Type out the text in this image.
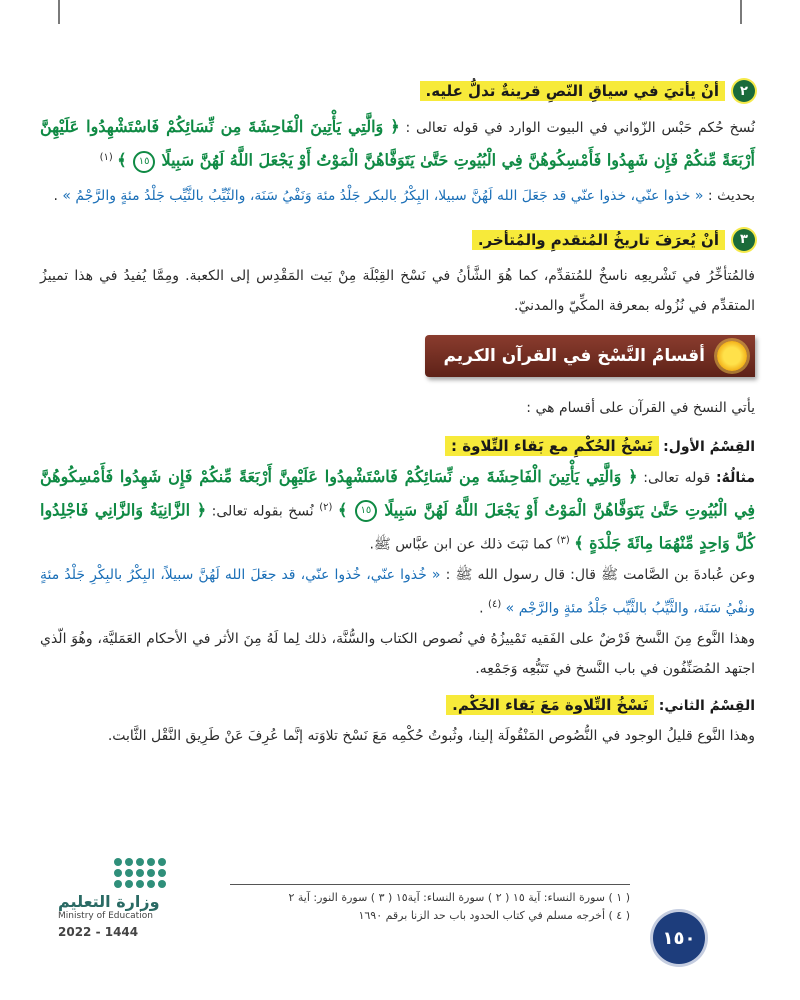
٢
أنْ يأتيَ في سياقِ النّصِ قرينةٌ تدلُّ عليه.

نُسخ حُكم حَبْس الزّواني في البيوت الوارد في قوله تعالى : ﴿ وَالَّتِي يَأْتِينَ الْفَاحِشَةَ مِن نِّسَائِكُمْ فَاسْتَشْهِدُوا عَلَيْهِنَّ أَرْبَعَةً مِّنكُمْ فَإِن شَهِدُوا فَأَمْسِكُوهُنَّ فِي الْبُيُوتِ حَتَّىٰ يَتَوَفَّاهُنَّ الْمَوْتُ أَوْ يَجْعَلَ اللَّهُ لَهُنَّ سَبِيلًا ١٥ ﴾ $^{(١)}$

بحديث : « خذوا عنّي، خذوا عنّي قد جَعَلَ الله لَهُنَّ سبيلا، البِكْرُ بالبكر جَلْدُ مئة وَنَفْيُ سَنَة، والثّيِّبُ بالثَّيِّب جَلْدُ مئةٍ والرَّجْمُ » .

٣
أنْ يُعرَفَ تاريخُ المُتقدمِ والمُتأخر.

فالمُتأخِّرُ في تَشْريعِه ناسخٌ للمُتقدِّم، كما هُوَ الشَّأنُ في نَسْخ القِبْلَة مِنْ بَيت المَقْدِس إلى الكعبة. ومِمَّا يُفيدُ في هذا تمييزُ المتقدِّم في نُزُوله بمعرفة المكِّيّ والمدنيّ.

أقسامُ النَّسْخ في القرآن الكريم

يأتي النسخ في القرآن على أقسام هي :

القِسْمُ الأول: نَسْخُ الحُكْمِ مع بَقاء التِّلاوة :

مثالُهُ: قوله تعالى: ﴿ وَالَّتِي يَأْتِينَ الْفَاحِشَةَ مِن نِّسَائِكُمْ فَاسْتَشْهِدُوا عَلَيْهِنَّ أَرْبَعَةً مِّنكُمْ فَإِن شَهِدُوا فَأَمْسِكُوهُنَّ فِي الْبُيُوتِ حَتَّىٰ يَتَوَفَّاهُنَّ الْمَوْتُ أَوْ يَجْعَلَ اللَّهُ لَهُنَّ سَبِيلًا ١٥ ﴾ $^{(٢)}$ نُسخ بقوله تعالى: ﴿ الزَّانِيَةُ وَالزَّانِي فَاجْلِدُوا كُلَّ وَاحِدٍ مِّنْهُمَا مِائَةَ جَلْدَةٍ ﴾ $^{(٣)}$ كما ثبَتَ ذلك عن ابن عبَّاس ﷺ.

وعن عُبادةَ بن الصَّامت ﷺ قال: قال رسول الله ﷺ : « خُذوا عنّي، خُذوا عنّي، قد جعَلَ الله لَهُنَّ سبيلاً، البِكْرُ بالبِكْرِ جَلْدُ مئةٍ ونفْيُ سَنَة، والثَّيِّبُ بالثَّيِّب جَلْدُ مئةٍ والرَّجْم » $^{(٤)}$ .

وهذا النَّوع مِنَ النَّسخ فَرْضٌ على الفَقيه تَمْييزُهُ في نُصوص الكتاب والسُّنَّة، ذلك لِما لَهُ مِنَ الأثر في الأحكام العَمَليَّة، وهُوَ الّذي اجتهد المُصَنِّفُون في باب النَّسخ في تَتَبُّعِه وَجَمْعِه.

القِسْمُ الثاني: نَسْخُ التِّلاوة مَعَ بَقاء الحُكْم.

وهذا النَّوع قليلُ الوجود في النُّصُوص المَنْقُولَة إلينا، وثُبوتُ حُكْمِه مَعَ نَسْخ تلاوَته إنَّما عُرِفَ عَنْ طَرِيق النَّقْل الثَّابت.

( ١ ) سورة النساء: آية ١٥ ( ٢ ) سورة النساء: آية١٥ ( ٣ ) سورة النور: آية ٢
( ٤ ) أخرجه مسلم في كتاب الحدود باب حد الزنا برقم ١٦٩٠
١٥٠
وزارة التعليم
Ministry of Education
2022 - 1444
